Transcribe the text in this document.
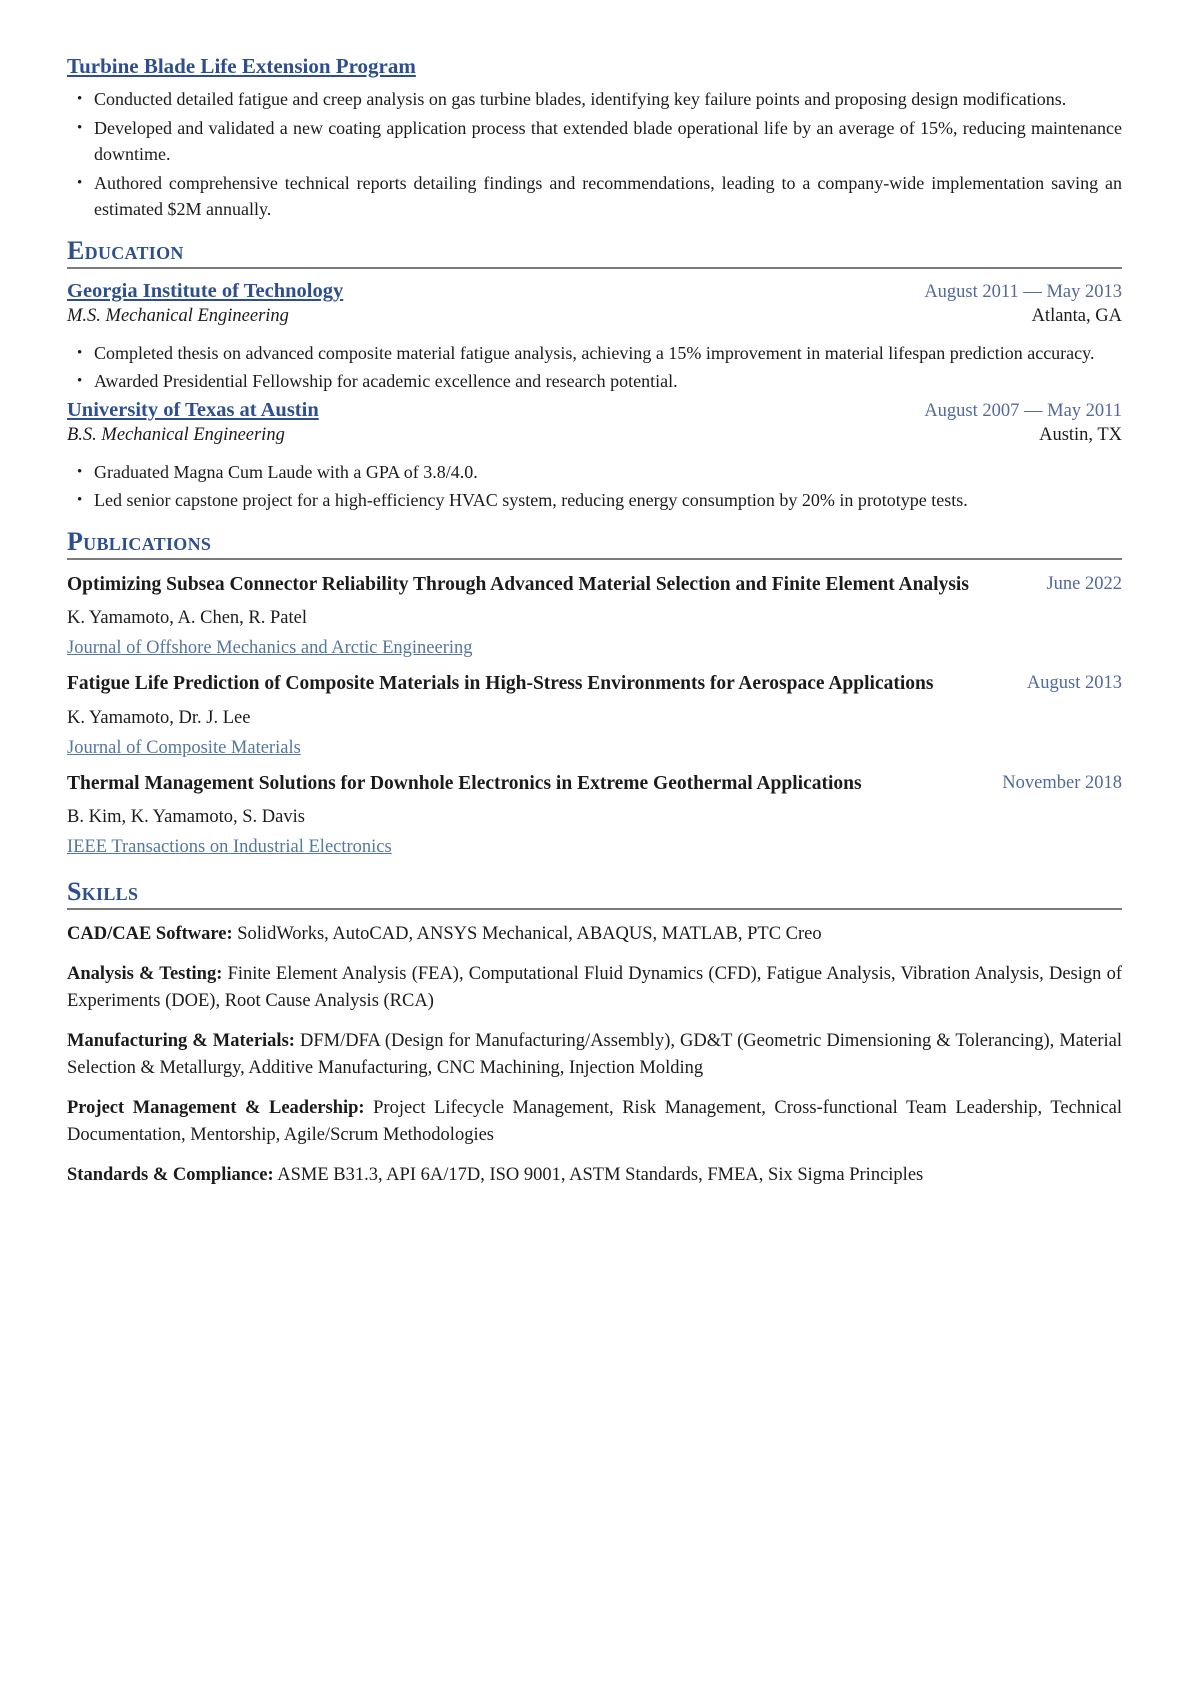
Turbine Blade Life Extension Program
• Conducted detailed fatigue and creep analysis on gas turbine blades, identifying key failure points and proposing design modifications.
• Developed and validated a new coating application process that extended blade operational life by an average of 15%, reducing maintenance downtime.
• Authored comprehensive technical reports detailing findings and recommendations, leading to a company-wide implementation saving an estimated $2M annually.
Education
Georgia Institute of Technology	August 2011 — May 2013
M.S. Mechanical Engineering	Atlanta, GA
• Completed thesis on advanced composite material fatigue analysis, achieving a 15% improvement in material lifespan prediction accuracy.
• Awarded Presidential Fellowship for academic excellence and research potential.
University of Texas at Austin	August 2007 — May 2011
B.S. Mechanical Engineering	Austin, TX
• Graduated Magna Cum Laude with a GPA of 3.8/4.0.
• Led senior capstone project for a high-efficiency HVAC system, reducing energy consumption by 20% in prototype tests.
Publications
June 2022
Optimizing Subsea Connector Reliability Through Advanced Material Selection and Finite Element Analysis
K. Yamamoto, A. Chen, R. Patel
Journal of Offshore Mechanics and Arctic Engineering
August 2013
Fatigue Life Prediction of Composite Materials in High-Stress Environments for Aerospace Applications
K. Yamamoto, Dr. J. Lee
Journal of Composite Materials
November 2018
Thermal Management Solutions for Downhole Electronics in Extreme Geothermal Applications
B. Kim, K. Yamamoto, S. Davis
IEEE Transactions on Industrial Electronics
Skills

CAD/CAE Software: SolidWorks, AutoCAD, ANSYS Mechanical, ABAQUS, MATLAB, PTC Creo

Analysis & Testing: Finite Element Analysis (FEA), Computational Fluid Dynamics (CFD), Fatigue Analysis, Vibration Analysis, Design of Experiments (DOE), Root Cause Analysis (RCA)

Manufacturing & Materials: DFM/DFA (Design for Manufacturing/Assembly), GD&T (Geometric Dimensioning & Tolerancing), Material Selection & Metallurgy, Additive Manufacturing, CNC Machining, Injection Molding

Project Management & Leadership: Project Lifecycle Management, Risk Management, Cross-functional Team Leadership, Technical Documentation, Mentorship, Agile/Scrum Methodologies

Standards & Compliance: ASME B31.3, API 6A/17D, ISO 9001, ASTM Standards, FMEA, Six Sigma Principles
